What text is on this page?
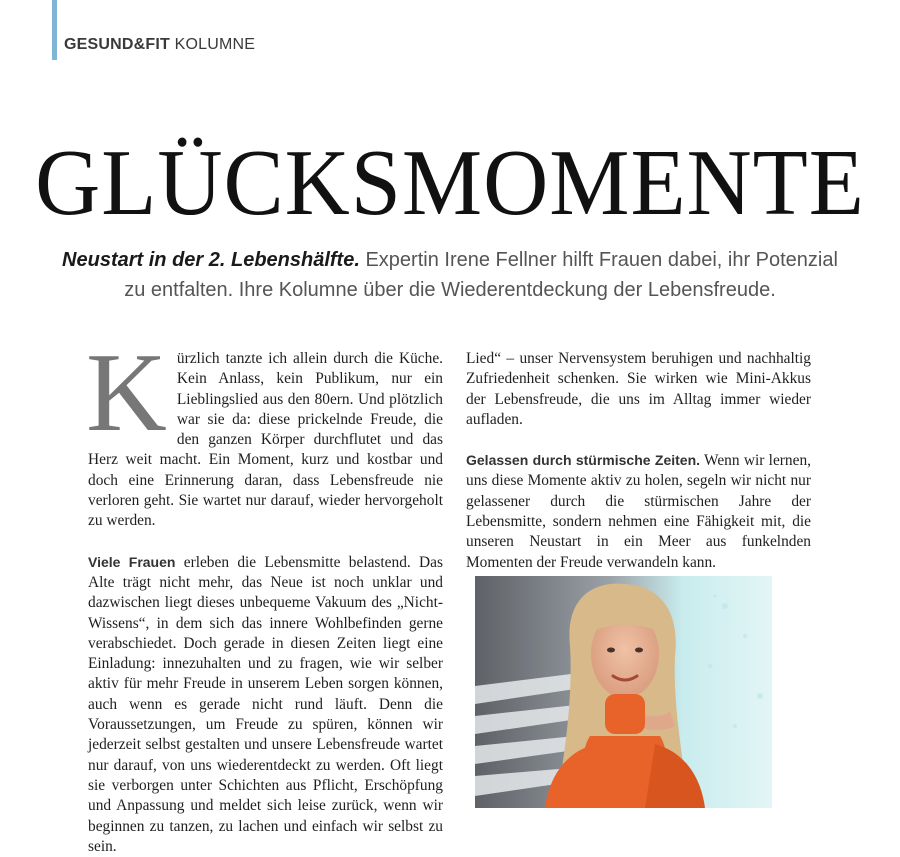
GESUND&FIT KOLUMNE
GLÜCKSMOMENTE
Neustart in der 2. Lebenshälfte. Expertin Irene Fellner hilft Frauen dabei, ihr Potenzial zu entfalten. Ihre Kolumne über die Wiederentdeckung der Lebensfreude.

Kürzlich tanzte ich allein durch die Küche. Kein Anlass, kein Publikum, nur ein Lieblingslied aus den 80ern. Und plötzlich war sie da: diese prickelnde Freude, die den ganzen Körper durchflutet und das Herz weit macht. Ein Moment, kurz und kostbar und doch eine Erinnerung daran, dass Lebensfreude nie verloren geht. Sie wartet nur darauf, wieder hervorgeholt zu werden.

Viele Frauen erleben die Lebensmitte belastend. Das Alte trägt nicht mehr, das Neue ist noch unklar und dazwischen liegt dieses unbequeme Vakuum des „Nicht-Wissens“, in dem sich das innere Wohlbefinden gerne verabschiedet. Doch gerade in diesen Zeiten liegt eine Einladung: innezuhalten und zu fragen, wie wir selber aktiv für mehr Freude in unserem Leben sorgen können, auch wenn es gerade nicht rund läuft. Denn die Voraussetzungen, um Freude zu spüren, können wir jederzeit selbst gestalten und unsere Lebensfreude wartet nur darauf, von uns wiederentdeckt zu werden. Oft liegt sie verborgen unter Schichten aus Pflicht, Erschöpfung und Anpassung und meldet sich leise zurück, wenn wir beginnen zu tanzen, zu lachen und einfach wir selbst zu sein.

Lied“ – unser Nervensystem beruhigen und nachhaltig Zufriedenheit schenken. Sie wirken wie Mini-Akkus der Lebensfreude, die uns im Alltag immer wieder aufladen.

Gelassen durch stürmische Zeiten. Wenn wir lernen, uns diese Momente aktiv zu holen, segeln wir nicht nur gelassener durch die stürmischen Jahre der Lebensmitte, sondern nehmen eine Fähigkeit mit, die unseren Neustart in ein Meer aus funkelnden Momenten der Freude verwandeln kann.
